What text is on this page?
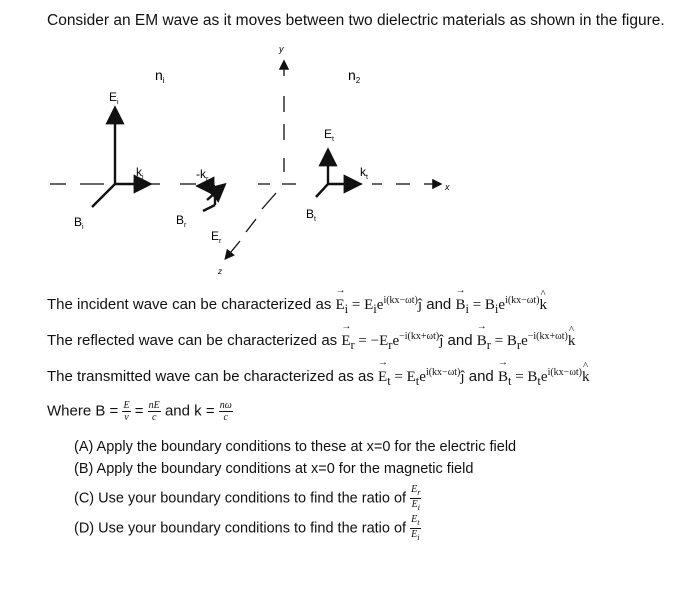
Consider an EM wave as it moves between two dielectric materials as shown in the figure.
x
y
z
$n_i$	$n_2$
$E_i$
$k_i$
$B_i$
$-k_r$
$B_r$
$E_r$
$E_t$
$k_t$
$B_t$
The incident wave can be characterized as → $E_i$ = $E_ie^{i(kx-\omega t)}ĵ$ and → $B_i$ = $B_ie^{i(kx-\omega t)}\^{}$ k
The reflected wave can be characterized as → $E_r$ = $-E_re^{-i(kx+\omega t)}ĵ$ and → $B_r$ = $B_re^{-i(kx+\omega t)}\^{}$ k
The transmitted wave can be characterized as as → $E_t$ = $E_te^{i(kx-\omega t)}ĵ$ and → $B_t$ = $B_te^{i(kx-\omega t)}\^{}$ k
Where $B = \frac{E}{v} = \frac{nE}{c}$ and $k = \frac{n\omega}{c}$
(A) Apply the boundary conditions to these at x=0 for the electric field
(B) Apply the boundary conditions at x=0 for the magnetic field
(C) Use your boundary conditions to find the ratio of $\frac{E_r}{E_i}$
(D) Use your boundary conditions to find the ratio of $\frac{E_t}{E_i}$
